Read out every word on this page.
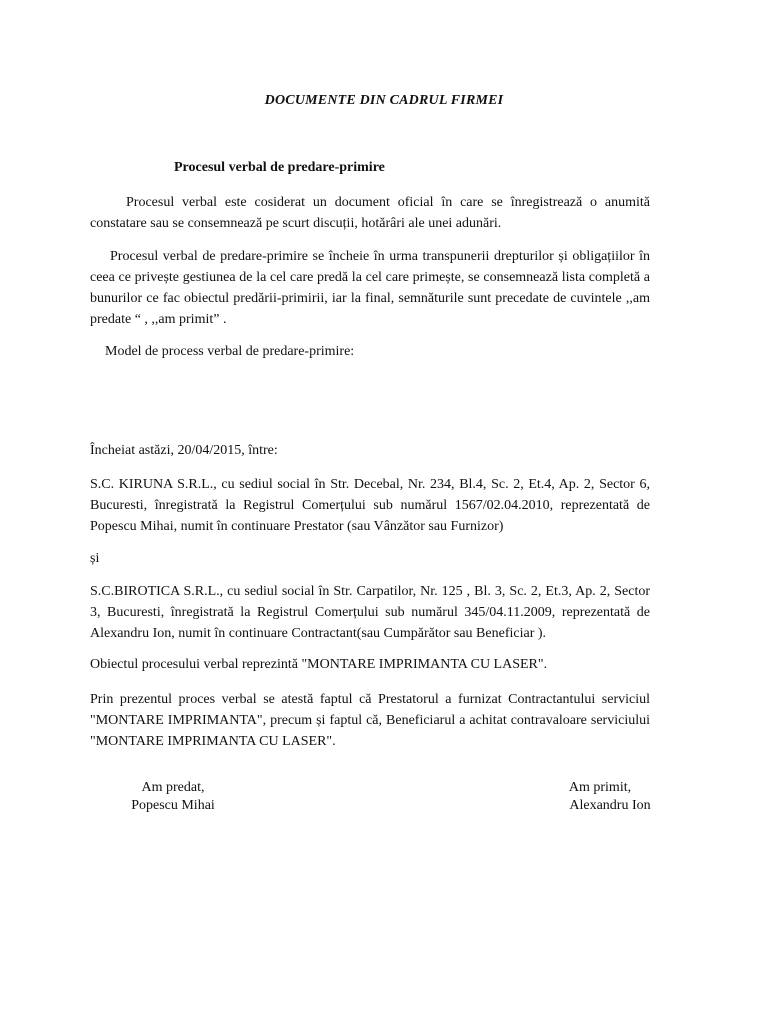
DOCUMENTE DIN CADRUL FIRMEI
Procesul verbal de predare-primire

Procesul verbal este cosiderat un document oficial în care se înregistrează o anumită constatare sau se consemnează pe scurt discuții, hotărâri ale unei adunări.

Procesul verbal de predare-primire se încheie în urma transpunerii drepturilor și obligațiilor în ceea ce privește gestiunea de la cel care predă la cel care primește, se consemnează lista completă a bunurilor ce fac obiectul predării-primirii, iar la final, semnăturile sunt precedate de cuvintele ,,am predate “ , ,,am primit” .

Model de process verbal de predare-primire:

Încheiat astăzi, 20/04/2015, între:

S.C. KIRUNA S.R.L., cu sediul social în Str. Decebal, Nr. 234, Bl.4, Sc. 2, Et.4, Ap. 2, Sector 6, Bucuresti, înregistrată la Registrul Comerțului sub numărul 1567/02.04.2010, reprezentată de Popescu Mihai, numit în continuare Prestator (sau Vânzător sau Furnizor)

și

S.C.BIROTICA S.R.L., cu sediul social în Str. Carpatilor, Nr. 125 , Bl. 3, Sc. 2, Et.3, Ap. 2, Sector 3, Bucuresti, înregistrată la Registrul Comerțului sub numărul 345/04.11.2009, reprezentată de Alexandru Ion, numit în continuare Contractant(sau Cumpărător sau Beneficiar ).

Obiectul procesului verbal reprezintă "MONTARE IMPRIMANTA CU LASER".

Prin prezentul proces verbal se atestă faptul că Prestatorul a furnizat Contractantului serviciul "MONTARE IMPRIMANTA", precum și faptul că, Beneficiarul a achitat contravaloare serviciului "MONTARE IMPRIMANTA CU LASER".

Am predat,
Popescu Mihai
Am primit,
Alexandru Ion
